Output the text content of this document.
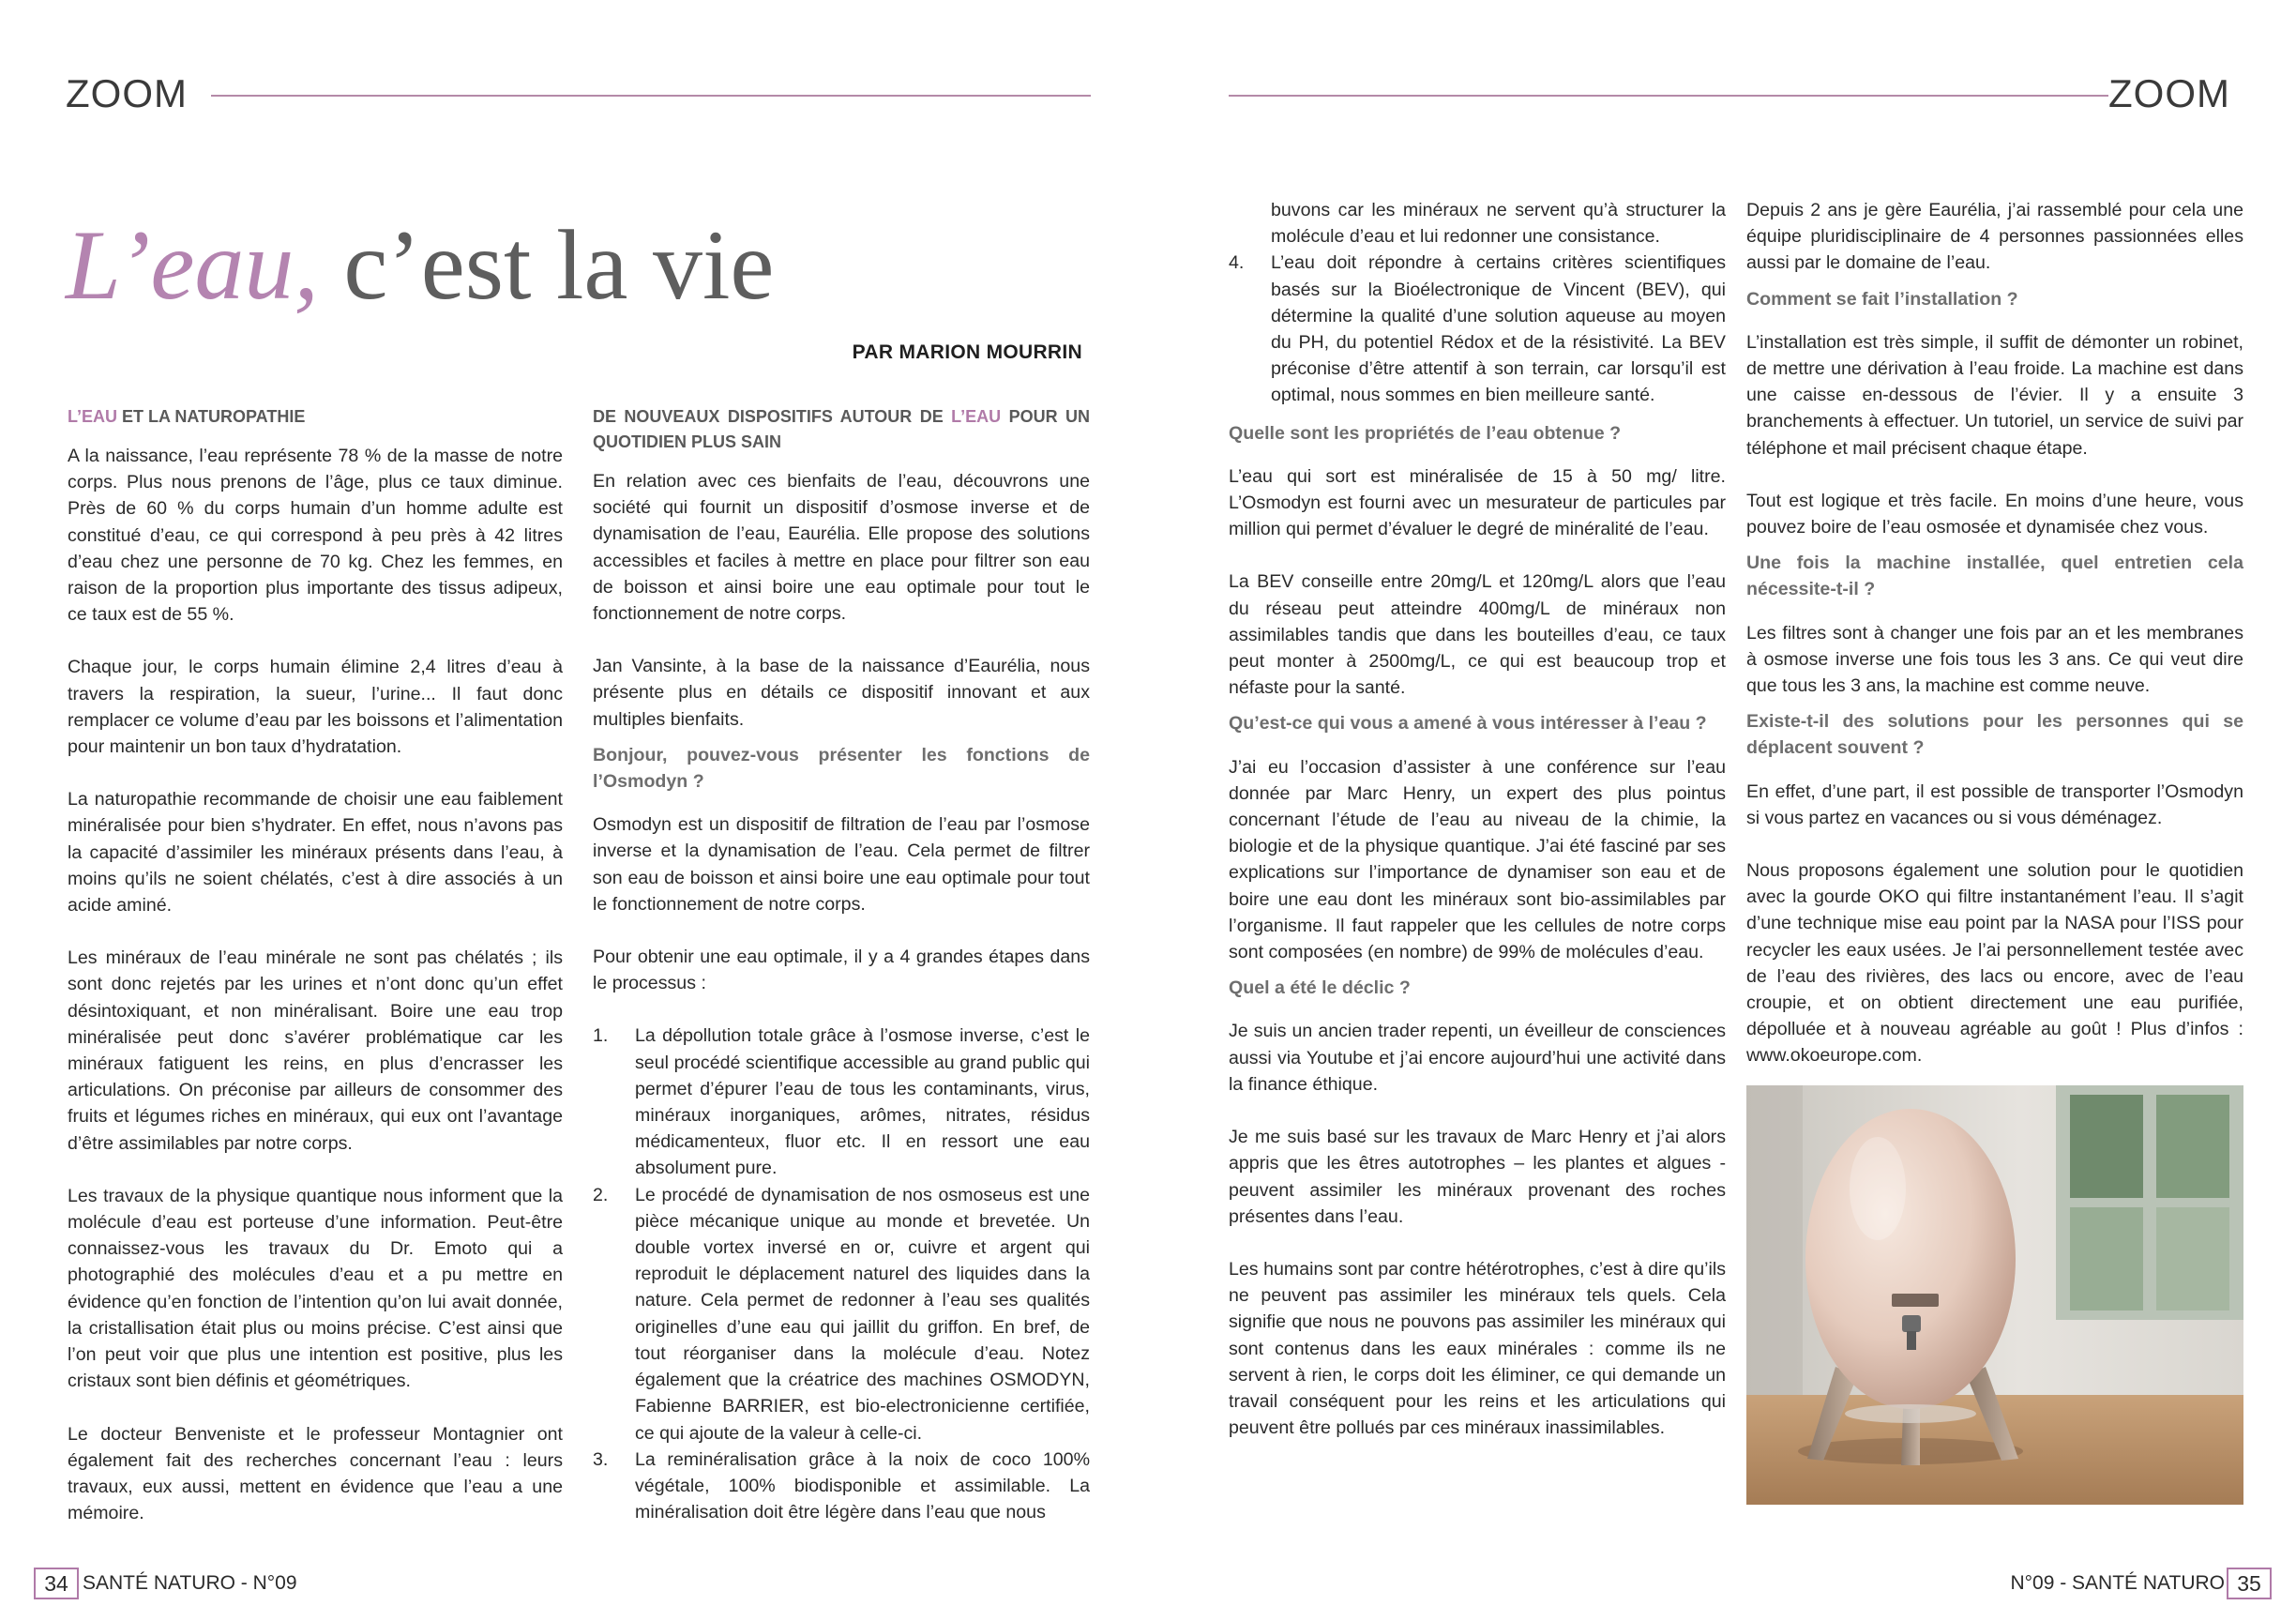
ZOOM
L’eau, c’est la vie
PAR MARION MOURRIN
L’EAU ET LA NATUROPATHIE

A la naissance, l’eau représente 78 % de la masse de notre corps. Plus nous prenons de l’âge, plus ce taux diminue. Près de 60 % du corps humain d’un homme adulte est constitué d’eau, ce qui correspond à peu près à 42 litres d’eau chez une personne de 70 kg. Chez les femmes, en raison de la proportion plus importante des tissus adipeux, ce taux est de 55 %.

Chaque jour, le corps humain élimine 2,4 litres d’eau à travers la respiration, la sueur, l’urine... Il faut donc remplacer ce volume d’eau par les boissons et l’alimentation pour maintenir un bon taux d’hydratation.

La naturopathie recommande de choisir une eau faiblement minéralisée pour bien s’hydrater. En effet, nous n’avons pas la capacité d’assimiler les minéraux présents dans l’eau, à moins qu’ils ne soient chélatés, c’est à dire associés à un acide aminé.

Les minéraux de l’eau minérale ne sont pas chélatés ; ils sont donc rejetés par les urines et n’ont donc qu’un effet désintoxiquant, et non minéralisant. Boire une eau trop minéralisée peut donc s’avérer problématique car les minéraux fatiguent les reins, en plus d’encrasser les articulations. On préconise par ailleurs de consommer des fruits et légumes riches en minéraux, qui eux ont l’avantage d’être assimilables par notre corps.

Les travaux de la physique quantique nous informent que la molécule d’eau est porteuse d’une information. Peut-être connaissez-vous les travaux du Dr. Emoto qui a photographié des molécules d’eau et a pu mettre en évidence qu’en fonction de l’intention qu’on lui avait donnée, la cristallisation était plus ou moins précise. C’est ainsi que l’on peut voir que plus une intention est positive, plus les cristaux sont bien définis et géométriques.

Le docteur Benveniste et le professeur Montagnier ont également fait des recherches concernant l’eau : leurs travaux, eux aussi, mettent en évidence que l’eau a une mémoire.

DE NOUVEAUX DISPOSITIFS AUTOUR DE L’EAU POUR UN QUOTIDIEN PLUS SAIN

En relation avec ces bienfaits de l’eau, découvrons une société qui fournit un dispositif d’osmose inverse et de dynamisation de l’eau, Eaurélia. Elle propose des solutions accessibles et faciles à mettre en place pour filtrer son eau de boisson et ainsi boire une eau optimale pour tout le fonctionnement de notre corps.

Jan Vansinte, à la base de la naissance d’Eaurélia, nous présente plus en détails ce dispositif innovant et aux multiples bienfaits.

Bonjour, pouvez-vous présenter les fonctions de l’Osmodyn ?

Osmodyn est un dispositif de filtration de l’eau par l’osmose inverse et la dynamisation de l’eau. Cela permet de filtrer son eau de boisson et ainsi boire une eau optimale pour tout le fonctionnement de notre corps.

Pour obtenir une eau optimale, il y a 4 grandes étapes dans le processus :

1. La dépollution totale grâce à l’osmose inverse, c’est le seul procédé scientifique accessible au grand public qui permet d’épurer l’eau de tous les contaminants, virus, minéraux inorganiques, arômes, nitrates, résidus médicamenteux, fluor etc. Il en ressort une eau absolument pure.
2. Le procédé de dynamisation de nos osmoseus est une pièce mécanique unique au monde et brevetée. Un double vortex inversé en or, cuivre et argent qui reproduit le déplacement naturel des liquides dans la nature. Cela permet de redonner à l’eau ses qualités originelles d’une eau qui jaillit du griffon. En bref, de tout réorganiser dans la molécule d’eau. Notez également que la créatrice des machines OSMODYN, Fabienne BARRIER, est bio-electronicienne certifiée, ce qui ajoute de la valeur à celle-ci.
3. La reminéralisation grâce à la noix de coco 100% végétale, 100% biodisponible et assimilable. La minéralisation doit être légère dans l’eau que nous
34 SANTÉ NATURO - N°09
ZOOM
buvons car les minéraux ne servent qu’à structurer la molécule d’eau et lui redonner une consistance.
4. L’eau doit répondre à certains critères scientifiques basés sur la Bioélectronique de Vincent (BEV), qui détermine la qualité d’une solution aqueuse au moyen du PH, du potentiel Rédox et de la résistivité. La BEV préconise d’être attentif à son terrain, car lorsqu’il est optimal, nous sommes en bien meilleure santé.
Quelle sont les propriétés de l’eau obtenue ?

L’eau qui sort est minéralisée de 15 à 50 mg/ litre. L’Osmodyn est fourni avec un mesurateur de particules par million qui permet d’évaluer le degré de minéralité de l’eau.

La BEV conseille entre 20mg/L et 120mg/L alors que l’eau du réseau peut atteindre 400mg/L de minéraux non assimilables tandis que dans les bouteilles d’eau, ce taux peut monter à 2500mg/L, ce qui est beaucoup trop et néfaste pour la santé.

Qu’est-ce qui vous a amené à vous intéresser à l’eau ?

J’ai eu l’occasion d’assister à une conférence sur l’eau donnée par Marc Henry, un expert des plus pointus concernant l’étude de l’eau au niveau de la chimie, la biologie et de la physique quantique. J’ai été fasciné par ses explications sur l’importance de dynamiser son eau et de boire une eau dont les minéraux sont bio-assimilables par l’organisme. Il faut rappeler que les cellules de notre corps sont composées (en nombre) de 99% de molécules d’eau.

Quel a été le déclic ?

Je suis un ancien trader repenti, un éveilleur de consciences aussi via Youtube et j’ai encore aujourd’hui une activité dans la finance éthique.

Je me suis basé sur les travaux de Marc Henry et j’ai alors appris que les êtres autotrophes – les plantes et algues - peuvent assimiler les minéraux provenant des roches présentes dans l’eau.

Les humains sont par contre hétérotrophes, c’est à dire qu’ils ne peuvent pas assimiler les minéraux tels quels. Cela signifie que nous ne pouvons pas assimiler les minéraux qui sont contenus dans les eaux minérales : comme ils ne servent à rien, le corps doit les éliminer, ce qui demande un travail conséquent pour les reins et les articulations qui peuvent être pollués par ces minéraux inassimilables.

Depuis 2 ans je gère Eaurélia, j’ai rassemblé pour cela une équipe pluridisciplinaire de 4 personnes passionnées elles aussi par le domaine de l’eau.

Comment se fait l’installation ?

L’installation est très simple, il suffit de démonter un robinet, de mettre une dérivation à l’eau froide. La machine est dans une caisse en-dessous de l’évier. Il y a ensuite 3 branchements à effectuer. Un tutoriel, un service de suivi par téléphone et mail précisent chaque étape.

Tout est logique et très facile. En moins d’une heure, vous pouvez boire de l’eau osmosée et dynamisée chez vous.

Une fois la machine installée, quel entretien cela nécessite-t-il ?

Les filtres sont à changer une fois par an et les membranes à osmose inverse une fois tous les 3 ans. Ce qui veut dire que tous les 3 ans, la machine est comme neuve.

Existe-t-il des solutions pour les personnes qui se déplacent souvent ?

En effet, d’une part, il est possible de transporter l’Osmodyn si vous partez en vacances ou si vous déménagez.

Nous proposons également une solution pour le quotidien avec la gourde OKO qui filtre instantanément l’eau. Il s’agit d’une technique mise eau point par la NASA pour l’ISS pour recycler les eaux usées. Je l’ai personnellement testée avec de l’eau des rivières, des lacs ou encore, avec de l’eau croupie, et on obtient directement une eau purifiée, dépolluée et à nouveau agréable au goût ! Plus d’infos : www.okoeurope.com.

N°09 - SANTÉ NATURO 35
